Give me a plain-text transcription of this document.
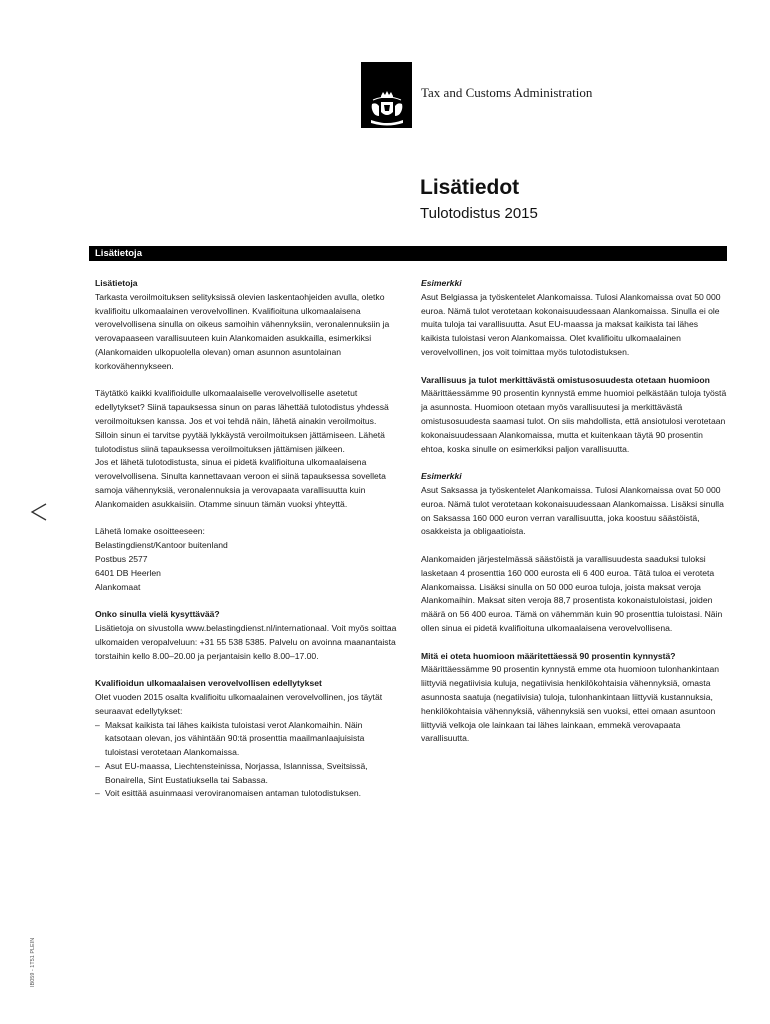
Tax and Customs Administration
Lisätiedot
Tulotodistus 2015
Lisätietoja

Lisätietoja

Tarkasta veroilmoituksen selityksissä olevien laskentaohjeiden avulla, oletko kvalifioitu ulkomaalainen verovelvollinen. Kvalifioituna ulkomaalaisena verovelvollisena sinulla on oikeus samoihin vähennyksiin, veronalennuksiin ja verovapaaseen varallisuuteen kuin Alankomaiden asukkailla, esimerkiksi (Alankomaiden ulkopuolella olevan) oman asunnon asuntolainan korkovähennykseen.

Täytätkö kaikki kvalifioidulle ulkomaalaiselle verovelvolliselle asetetut edellytykset? Siinä tapauksessa sinun on paras lähettää tulotodistus yhdessä veroilmoituksen kanssa. Jos et voi tehdä näin, lähetä ainakin veroilmoitus. Silloin sinun ei tarvitse pyytää lykkäystä veroilmoituksen jättämiseen. Lähetä tulotodistus siinä tapauksessa veroilmoituksen jättämisen jälkeen.

Jos et lähetä tulotodistusta, sinua ei pidetä kvalifioituna ulkomaalaisena verovelvollisena. Sinulta kannettavaan veroon ei siinä tapauksessa sovelleta samoja vähennyksiä, veronalennuksia ja verovapaata varallisuutta kuin Alankomaiden asukkaisiin. Otamme sinuun tämän vuoksi yhteyttä.

Lähetä lomake osoitteeseen:

Belastingdienst/Kantoor buitenland

Postbus 2577

6401 DB Heerlen

Alankomaat

Onko sinulla vielä kysyttävää?

Lisätietoja on sivustolla www.belastingdienst.nl/internationaal. Voit myös soittaa ulkomaiden veropalveluun: +31 55 538 5385. Palvelu on avoinna maanantaista torstaihin kello 8.00–20.00 ja perjantaisin kello 8.00–17.00.

Kvalifioidun ulkomaalaisen verovelvollisen edellytykset

Olet vuoden 2015 osalta kvalifioitu ulkomaalainen verovelvollinen, jos täytät seuraavat edellytykset:

– Maksat kaikista tai lähes kaikista tuloistasi verot Alankomaihin. Näin katsotaan olevan, jos vähintään 90:tä prosenttia maailmanlaajuisista tuloistasi verotetaan Alankomaissa.
– Asut EU-maassa, Liechtensteinissa, Norjassa, Islannissa, Sveitsissä, Bonairella, Sint Eustatiuksella tai Sabassa.
– Voit esittää asuinmaasi veroviranomaisen antaman tulotodistuksen.

Esimerkki

Asut Belgiassa ja työskentelet Alankomaissa. Tulosi Alankomaissa ovat 50 000 euroa. Nämä tulot verotetaan kokonaisuudessaan Alankomaissa. Sinulla ei ole muita tuloja tai varallisuutta. Asut EU-maassa ja maksat kaikista tai lähes kaikista tuloistasi veron Alankomaissa. Olet kvalifioitu ulkomaalainen verovelvollinen, jos voit toimittaa myös tulotodistuksen.

Varallisuus ja tulot merkittävästä omistusosuudesta otetaan huomioon

Määrittäessämme 90 prosentin kynnystä emme huomioi pelkästään tuloja työstä ja asunnosta. Huomioon otetaan myös varallisuutesi ja merkittävästä omistusosuudesta saamasi tulot. On siis mahdollista, että ansiotulosi verotetaan kokonaisuudessaan Alankomaissa, mutta et kuitenkaan täytä 90 prosentin ehtoa, koska sinulle on esimerkiksi paljon varallisuutta.

Esimerkki

Asut Saksassa ja työskentelet Alankomaissa. Tulosi Alankomaissa ovat 50 000 euroa. Nämä tulot verotetaan kokonaisuudessaan Alankomaissa. Lisäksi sinulla on Saksassa 160 000 euron verran varallisuutta, joka koostuu säästöistä, osakkeista ja obligaatioista.

Alankomaiden järjestelmässä säästöistä ja varallisuudesta saaduksi tuloksi lasketaan 4 prosenttia 160 000 eurosta eli 6 400 euroa. Tätä tuloa ei veroteta Alankomaissa. Lisäksi sinulla on 50 000 euroa tuloja, joista maksat veroja Alankomaihin. Maksat siten veroja 88,7 prosentista kokonaistuloistasi, joiden määrä on 56 400 euroa. Tämä on vähemmän kuin 90 prosenttia tuloistasi. Näin ollen sinua ei pidetä kvalifioituna ulkomaalaisena verovelvollisena.

Mitä ei oteta huomioon määritettäessä 90 prosentin kynnystä?

Määrittäessämme 90 prosentin kynnystä emme ota huomioon tulonhankintaan liittyviä negatiivisia kuluja, negatiivisia henkilökohtaisia vähennyksiä, omasta asunnosta saatuja (negatiivisia) tuloja, tulonhankintaan liittyviä kustannuksia, henkilökohtaisia vähennyksiä, vähennyksiä sen vuoksi, ettei omaan asuntoon liittyviä velkoja ole lainkaan tai lähes lainkaan, emmekä verovapaata varallisuutta.

IB059 - 1T51 PLEIN
